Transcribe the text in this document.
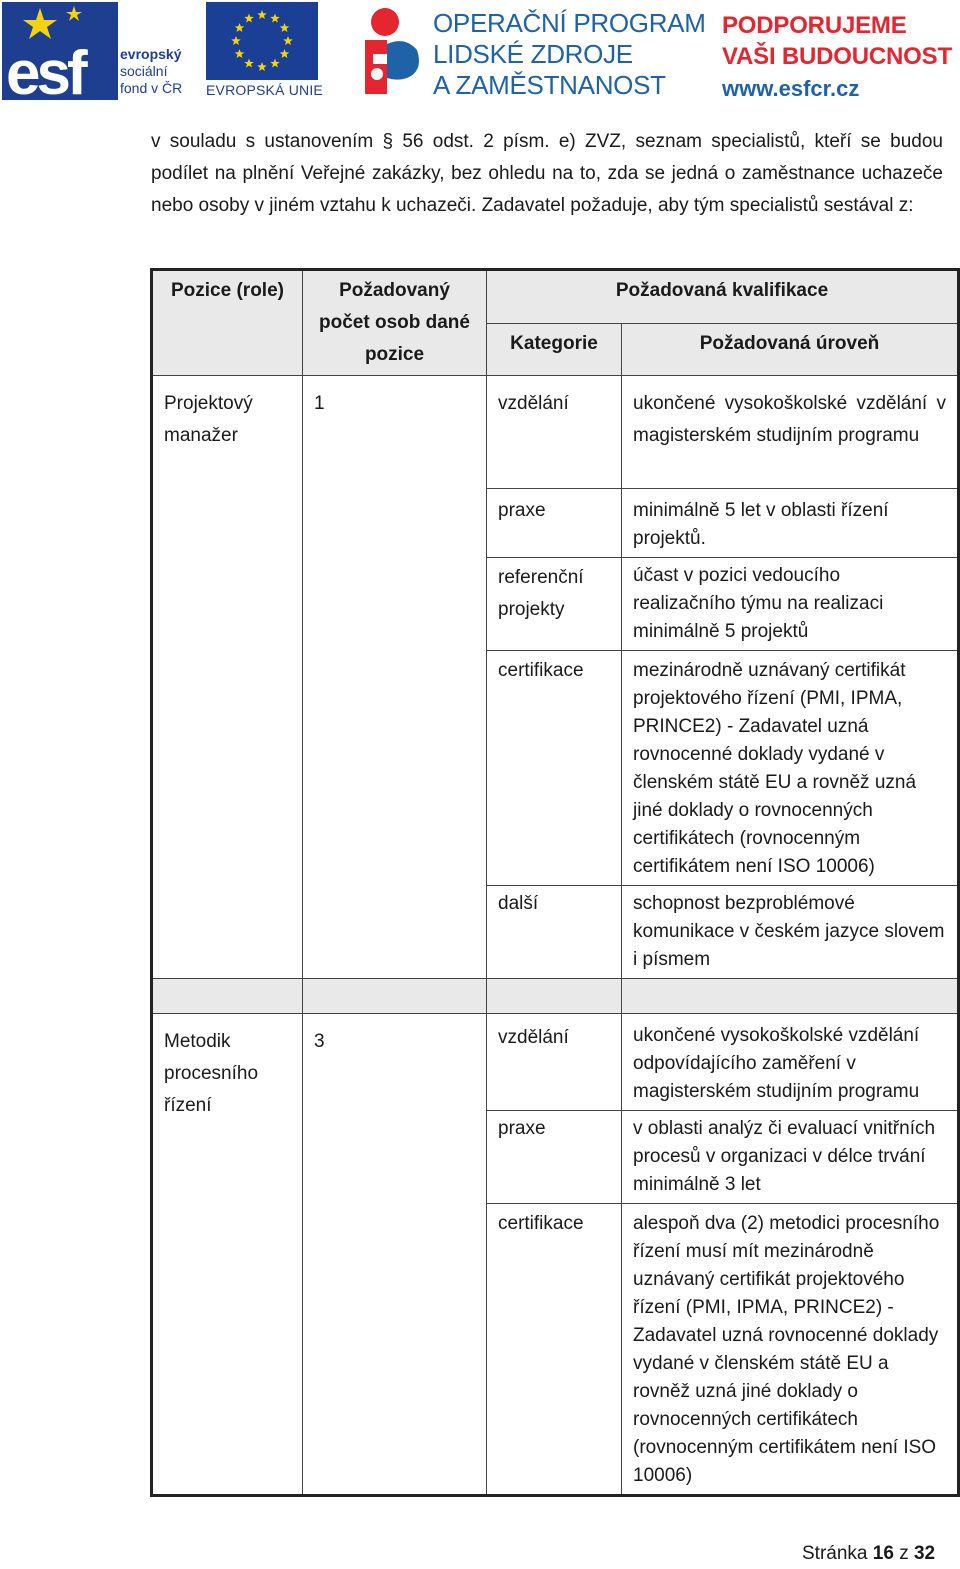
esf	evropský
sociální
fond v ČR EVROPSKÁ UNIE
OPERAČNÍ PROGRAM
LIDSKÉ ZDROJE
A ZAMĚSTNANOST
PODPORUJEME
VAŠI BUDOUCNOST
www.esfcr.cz

v souladu s ustanovením § 56 odst. 2 písm. e) ZVZ, seznam specialistů, kteří se budou podílet na plnění Veřejné zakázky, bez ohledu na to, zda se jedná o zaměstnance uchazeče nebo osoby v jiném vztahu k uchazeči. Zadavatel požaduje, aby tým specialistů sestával z:

Pozice (role)	Požadovaný počet osob dané pozice	Požadovaná kvalifikace	
		Kategorie	Požadovaná úroveň
Projektový manažer	1	vzdělání	ukončené vysokoškolské vzdělání v magisterském studijním programu
		praxe	minimálně 5 let v oblasti řízení projektů.
		referenční projekty	účast v pozici vedoucího realizačního týmu na realizaci minimálně 5 projektů
		certifikace	mezinárodně uznávaný certifikát projektového řízení (PMI, IPMA, PRINCE2) - Zadavatel uzná rovnocenné doklady vydané v členském státě EU a rovněž uzná jiné doklady o rovnocenných certifikátech (rovnocenným certifikátem není ISO 10006)
		další	schopnost bezproblémové komunikace v českém jazyce slovem i písmem

Metodik procesního řízení	3	vzdělání	ukončené vysokoškolské vzdělání odpovídajícího zaměření v magisterském studijním programu
		praxe	v oblasti analýz či evaluací vnitřních procesů v organizaci v délce trvání minimálně 3 let
		certifikace	alespoň dva (2) metodici procesního řízení musí mít mezinárodně uznávaný certifikát projektového řízení (PMI, IPMA, PRINCE2) - Zadavatel uzná rovnocenné doklady vydané v členském státě EU a rovněž uzná jiné doklady o rovnocenných certifikátech (rovnocenným certifikátem není ISO 10006)
Stránka 16 z 32
